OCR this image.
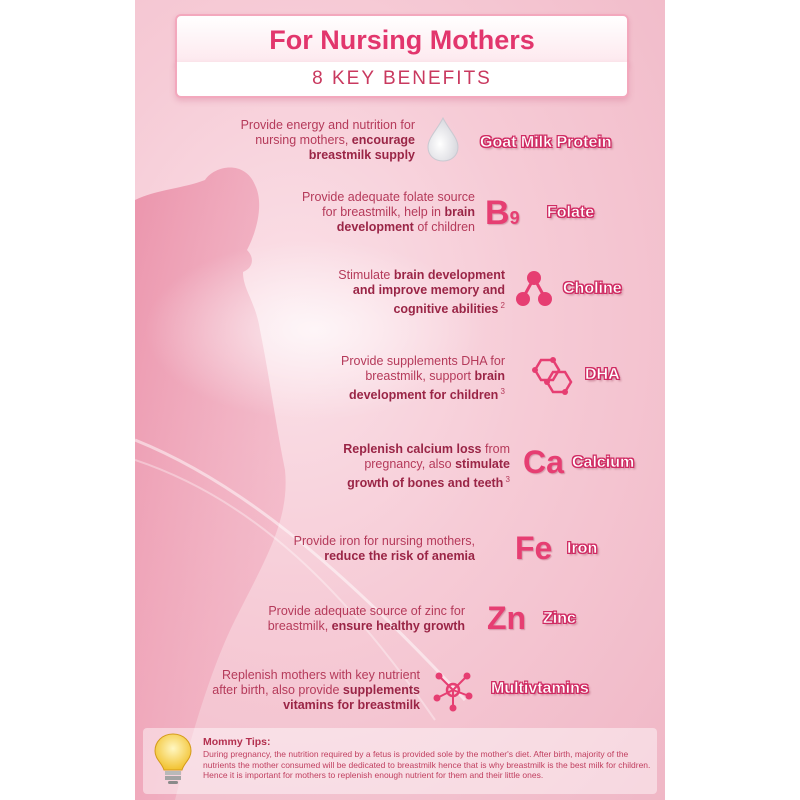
For Nursing Mothers
8 KEY BENEFITS
Provide energy and nutrition for
nursing mothers, encourage
breastmilk supply
Goat Milk Protein
Provide adequate folate source
for breastmilk, help in brain
development of children B9 Folate
Stimulate brain development
and improve memory and
cognitive abilities $^2$
Choline
Provide supplements DHA for
breastmilk, support brain
development for children $^3$
DHA
Replenish calcium loss from
pregnancy, also stimulate
growth of bones and teeth $^3$ Ca Calcium
Provide iron for nursing mothers,
reduce the risk of anemia Fe Iron
Provide adequate source of zinc for
breastmilk, ensure healthy growth Zn Zinc
Replenish mothers with key nutrient
after birth, also provide supplements
vitamins for breastmilk
Multivtamins
Mommy Tips:
During pregnancy, the nutrition required by a fetus is provided sole by the mother's diet. After birth, majority of the nutrients the mother consumed will be dedicated to breastmilk hence that is why breastmilk is the best milk for children. Hence it is important for mothers to replenish enough nutrient for them and their little ones.
